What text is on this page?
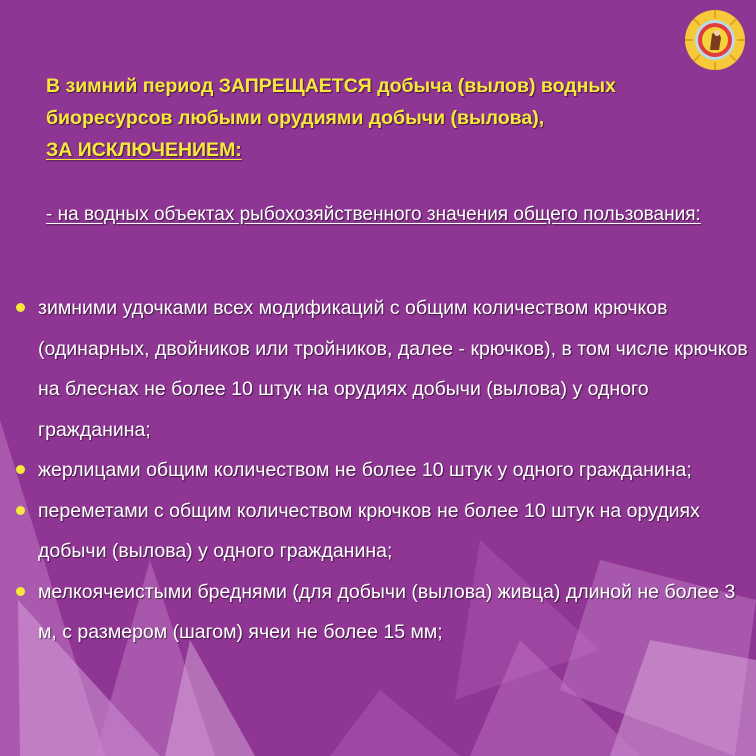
В зимний период ЗАПРЕЩАЕТСЯ добыча (вылов) водных
биоресурсов любыми орудиями добычи (вылова),
ЗА ИСКЛЮЧЕНИЕМ:
- на водных объектах рыбохозяйственного значения общего пользования:
зимними удочками всех модификаций с общим количеством крючков (одинарных, двойников или тройников, далее - крючков), в том числе крючков на блеснах не более 10 штук на орудиях добычи (вылова) у одного гражданина;
жерлицами общим количеством не более 10 штук у одного гражданина;
переметами с общим количеством крючков не более 10 штук на орудиях добычи (вылова) у одного гражданина;
мелкоячеистыми бреднями (для добычи (вылова) живца) длиной не более 3 м, с размером (шагом) ячеи не более 15 мм;
